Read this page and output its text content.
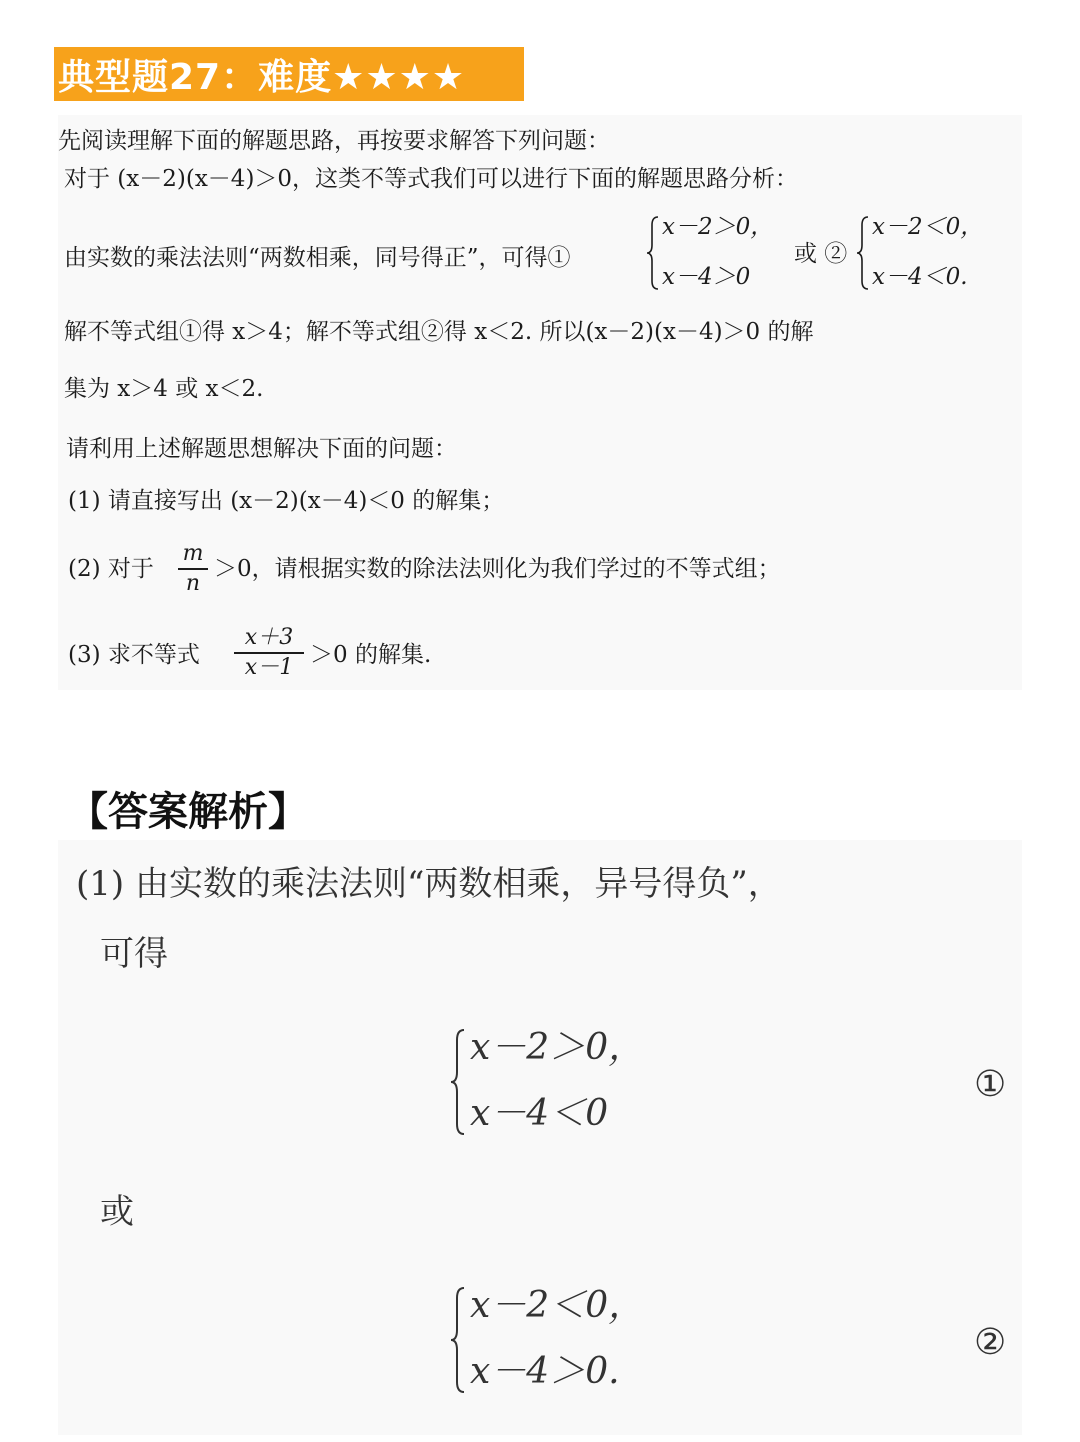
典型题27：难度★★★★
先阅读理解下面的解题思路，再按要求解答下列问题：
对于 (x－2)(x－4)＞0，这类不等式我们可以进行下面的解题思路分析：
由实数的乘法法则“两数相乘，同号得正”，可得①
x－2＞0，
x－4＞0
或 ②
x－2＜0，
x－4＜0.
解不等式组①得 x＞4；解不等式组②得 x＜2. 所以(x－2)(x－4)＞0 的解
集为 x＞4 或 x＜2.
请利用上述解题思想解决下面的问题：
(1) 请直接写出 (x－2)(x－4)＜0 的解集；
(2) 对于
m
n
＞0，请根据实数的除法法则化为我们学过的不等式组；
(3) 求不等式
x＋3
x－1 ＞0 的解集.
【答案解析】
(1) 由实数的乘法法则“两数相乘，异号得负”，
可得
x－2＞0，
x－4＜0
①
或
x－2＜0，
x－4＞0.
②
